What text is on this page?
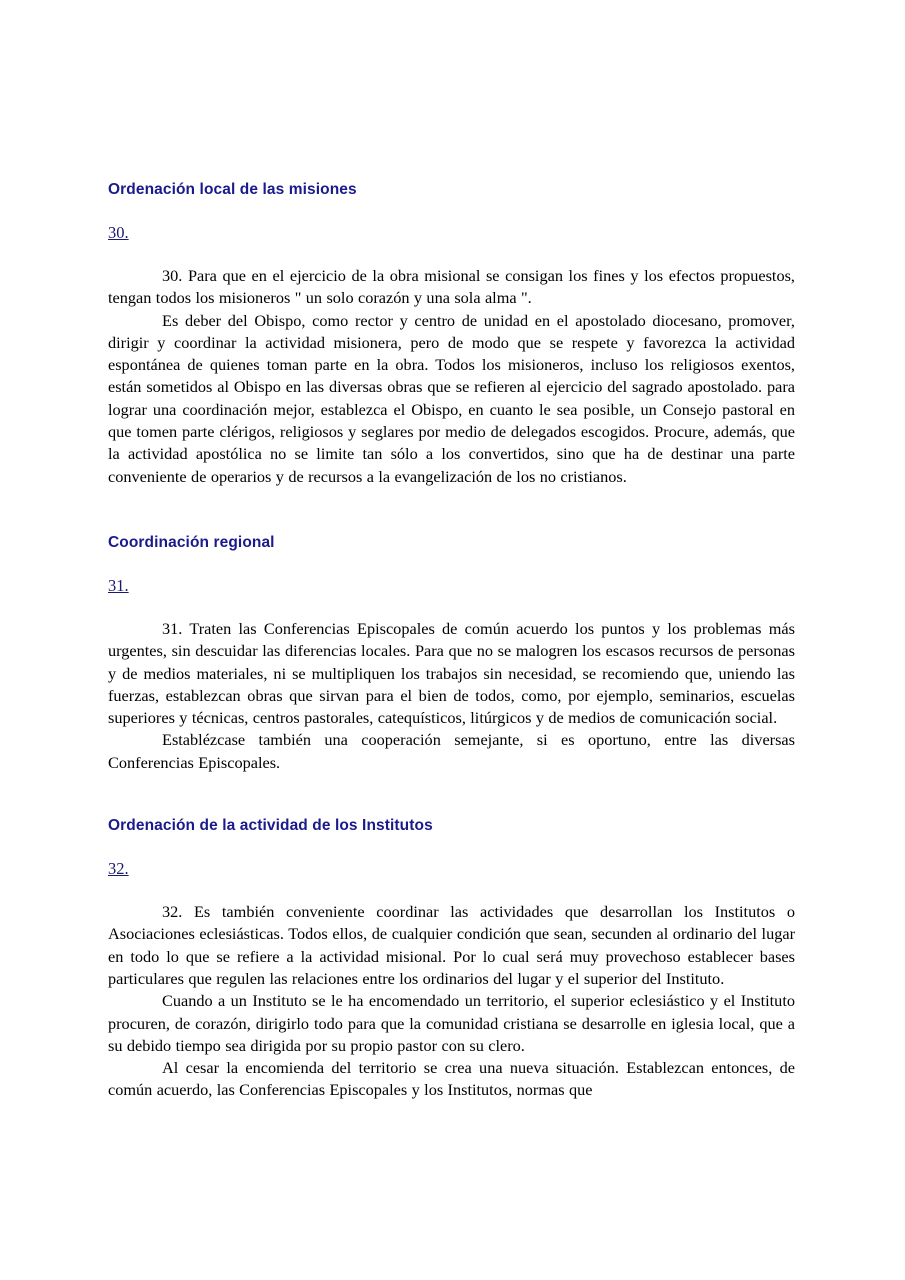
Ordenación local de las misiones
30.

30. Para que en el ejercicio de la obra misional se consigan los fines y los efectos propuestos, tengan todos los misioneros " un solo corazón y una sola alma ".

Es deber del Obispo, como rector y centro de unidad en el apostolado diocesano, promover, dirigir y coordinar la actividad misionera, pero de modo que se respete y favorezca la actividad espontánea de quienes toman parte en la obra. Todos los misioneros, incluso los religiosos exentos, están sometidos al Obispo en las diversas obras que se refieren al ejercicio del sagrado apostolado. para lograr una coordinación mejor, establezca el Obispo, en cuanto le sea posible, un Consejo pastoral en que tomen parte clérigos, religiosos y seglares por medio de delegados escogidos. Procure, además, que la actividad apostólica no se limite tan sólo a los convertidos, sino que ha de destinar una parte conveniente de operarios y de recursos a la evangelización de los no cristianos.

Coordinación regional
31.

31. Traten las Conferencias Episcopales de común acuerdo los puntos y los problemas más urgentes, sin descuidar las diferencias locales. Para que no se malogren los escasos recursos de personas y de medios materiales, ni se multipliquen los trabajos sin necesidad, se recomiendo que, uniendo las fuerzas, establezcan obras que sirvan para el bien de todos, como, por ejemplo, seminarios, escuelas superiores y técnicas, centros pastorales, catequísticos, litúrgicos y de medios de comunicación social.

Establézcase también una cooperación semejante, si es oportuno, entre las diversas Conferencias Episcopales.

Ordenación de la actividad de los Institutos
32.

32. Es también conveniente coordinar las actividades que desarrollan los Institutos o Asociaciones eclesiásticas. Todos ellos, de cualquier condición que sean, secunden al ordinario del lugar en todo lo que se refiere a la actividad misional. Por lo cual será muy provechoso establecer bases particulares que regulen las relaciones entre los ordinarios del lugar y el superior del Instituto.

Cuando a un Instituto se le ha encomendado un territorio, el superior eclesiástico y el Instituto procuren, de corazón, dirigirlo todo para que la comunidad cristiana se desarrolle en iglesia local, que a su debido tiempo sea dirigida por su propio pastor con su clero.

Al cesar la encomienda del territorio se crea una nueva situación. Establezcan entonces, de común acuerdo, las Conferencias Episcopales y los Institutos, normas que
